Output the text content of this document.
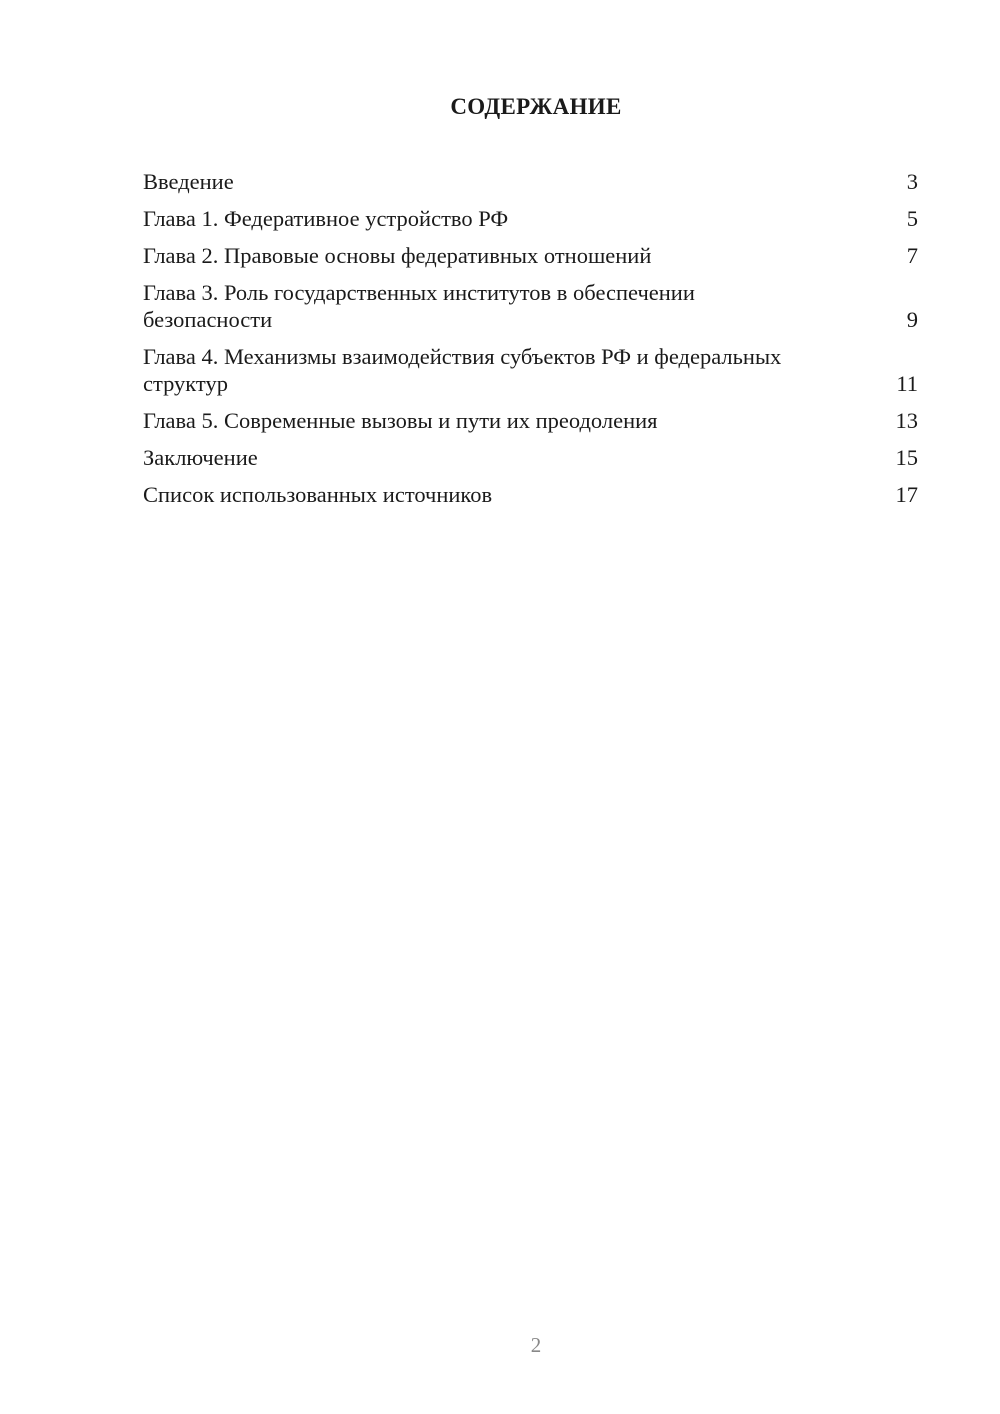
СОДЕРЖАНИЕ
Введение	3
Глава 1. Федеративное устройство РФ	5
Глава 2. Правовые основы федеративных отношений	7
Глава 3. Роль государственных институтов в обеспечении безопасности	9
Глава 4. Механизмы взаимодействия субъектов РФ и федеральных структур	11
Глава 5. Современные вызовы и пути их преодоления	13
Заключение	15
Список использованных источников	17
2
